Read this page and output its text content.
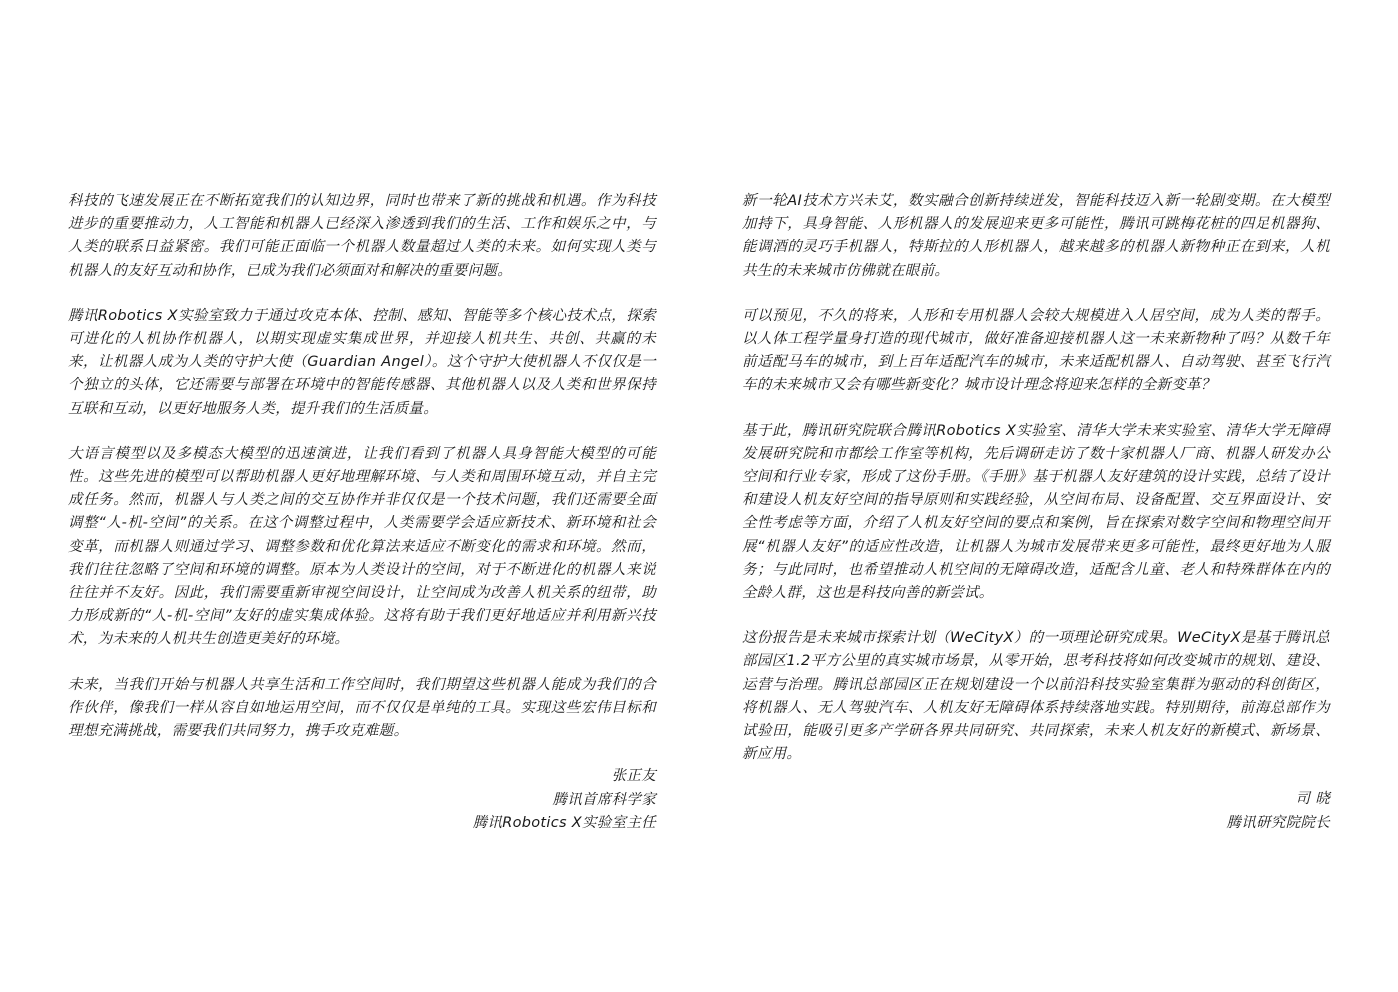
科技的飞速发展正在不断拓宽我们的认知边界，同时也带来了新的挑战和机遇。作为科技进步的重要推动力，人工智能和机器人已经深入渗透到我们的生活、工作和娱乐之中，与人类的联系日益紧密。我们可能正面临一个机器人数量超过人类的未来。如何实现人类与机器人的友好互动和协作，已成为我们必须面对和解决的重要问题。

腾讯Robotics X实验室致力于通过攻克本体、控制、感知、智能等多个核心技术点，探索可进化的人机协作机器人，以期实现虚实集成世界，并迎接人机共生、共创、共赢的未来，让机器人成为人类的守护大使（Guardian Angel）。这个守护大使机器人不仅仅是一个独立的头体，它还需要与部署在环境中的智能传感器、其他机器人以及人类和世界保持互联和互动，以更好地服务人类，提升我们的生活质量。

大语言模型以及多模态大模型的迅速演进，让我们看到了机器人具身智能大模型的可能性。这些先进的模型可以帮助机器人更好地理解环境、与人类和周围环境互动，并自主完成任务。然而，机器人与人类之间的交互协作并非仅仅是一个技术问题，我们还需要全面调整“人-机-空间”的关系。在这个调整过程中，人类需要学会适应新技术、新环境和社会变革，而机器人则通过学习、调整参数和优化算法来适应不断变化的需求和环境。然而，我们往往忽略了空间和环境的调整。原本为人类设计的空间，对于不断进化的机器人来说往往并不友好。因此，我们需要重新审视空间设计，让空间成为改善人机关系的纽带，助力形成新的“人-机-空间”友好的虚实集成体验。这将有助于我们更好地适应并利用新兴技术，为未来的人机共生创造更美好的环境。

未来，当我们开始与机器人共享生活和工作空间时，我们期望这些机器人能成为我们的合作伙伴，像我们一样从容自如地运用空间，而不仅仅是单纯的工具。实现这些宏伟目标和理想充满挑战，需要我们共同努力，携手攻克难题。

张正友
腾讯首席科学家
腾讯Robotics X实验室主任

新一轮AI技术方兴未艾，数实融合创新持续迸发，智能科技迈入新一轮剧变期。在大模型加持下，具身智能、人形机器人的发展迎来更多可能性，腾讯可跳梅花桩的四足机器狗、能调酒的灵巧手机器人，特斯拉的人形机器人，越来越多的机器人新物种正在到来，人机共生的未来城市仿佛就在眼前。

可以预见，不久的将来，人形和专用机器人会较大规模进入人居空间，成为人类的帮手。以人体工程学量身打造的现代城市，做好准备迎接机器人这一未来新物种了吗？从数千年前适配马车的城市，到上百年适配汽车的城市，未来适配机器人、自动驾驶、甚至飞行汽车的未来城市又会有哪些新变化？城市设计理念将迎来怎样的全新变革？

基于此，腾讯研究院联合腾讯Robotics X实验室、清华大学未来实验室、清华大学无障碍发展研究院和市都绘工作室等机构，先后调研走访了数十家机器人厂商、机器人研发办公空间和行业专家，形成了这份手册。《手册》基于机器人友好建筑的设计实践，总结了设计和建设人机友好空间的指导原则和实践经验，从空间布局、设备配置、交互界面设计、安全性考虑等方面，介绍了人机友好空间的要点和案例，旨在探索对数字空间和物理空间开展“机器人友好”的适应性改造，让机器人为城市发展带来更多可能性，最终更好地为人服务；与此同时，也希望推动人机空间的无障碍改造，适配含儿童、老人和特殊群体在内的全龄人群，这也是科技向善的新尝试。

这份报告是未来城市探索计划（WeCityX）的一项理论研究成果。WeCityX是基于腾讯总部园区1.2平方公里的真实城市场景，从零开始，思考科技将如何改变城市的规划、建设、运营与治理。腾讯总部园区正在规划建设一个以前沿科技实验室集群为驱动的科创街区，将机器人、无人驾驶汽车、人机友好无障碍体系持续落地实践。特别期待，前海总部作为试验田，能吸引更多产学研各界共同研究、共同探索，未来人机友好的新模式、新场景、新应用。

司 晓
腾讯研究院院长
